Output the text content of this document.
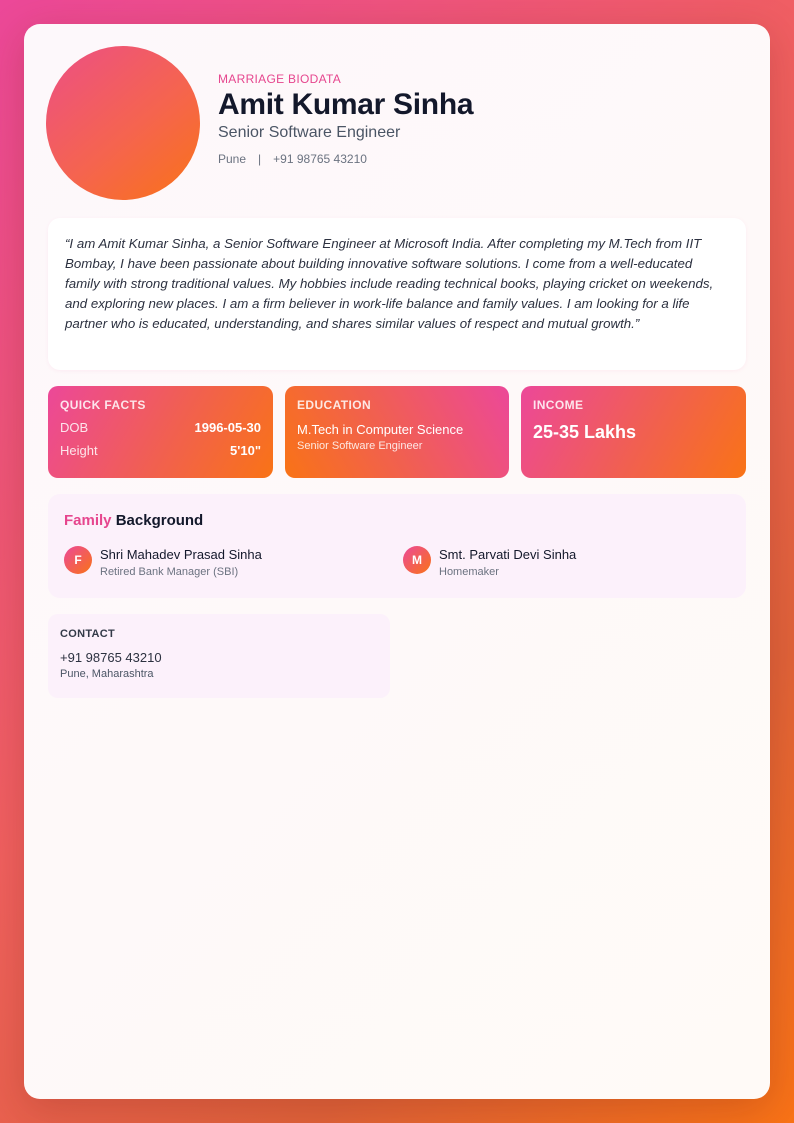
MARRIAGE BIODATA
Amit Kumar Sinha
Senior Software Engineer
Pune | +91 98765 43210

“I am Amit Kumar Sinha, a Senior Software Engineer at Microsoft India. After completing my M.Tech from IIT Bombay, I have been passionate about building innovative software solutions. I come from a well-educated family with strong traditional values. My hobbies include reading technical books, playing cricket on weekends, and exploring new places. I am a firm believer in work-life balance and family values. I am looking for a life partner who is educated, understanding, and shares similar values of respect and mutual growth.”

QUICK FACTS
DOB	1996-05-30
Height	5'10"
EDUCATION
M.Tech in Computer Science
Senior Software Engineer
INCOME
25-35 Lakhs
Family Background
F	Shri Mahadev Prasad Sinha
Retired Bank Manager (SBI)
M	Smt. Parvati Devi Sinha
Homemaker
CONTACT
+91 98765 43210
Pune, Maharashtra
